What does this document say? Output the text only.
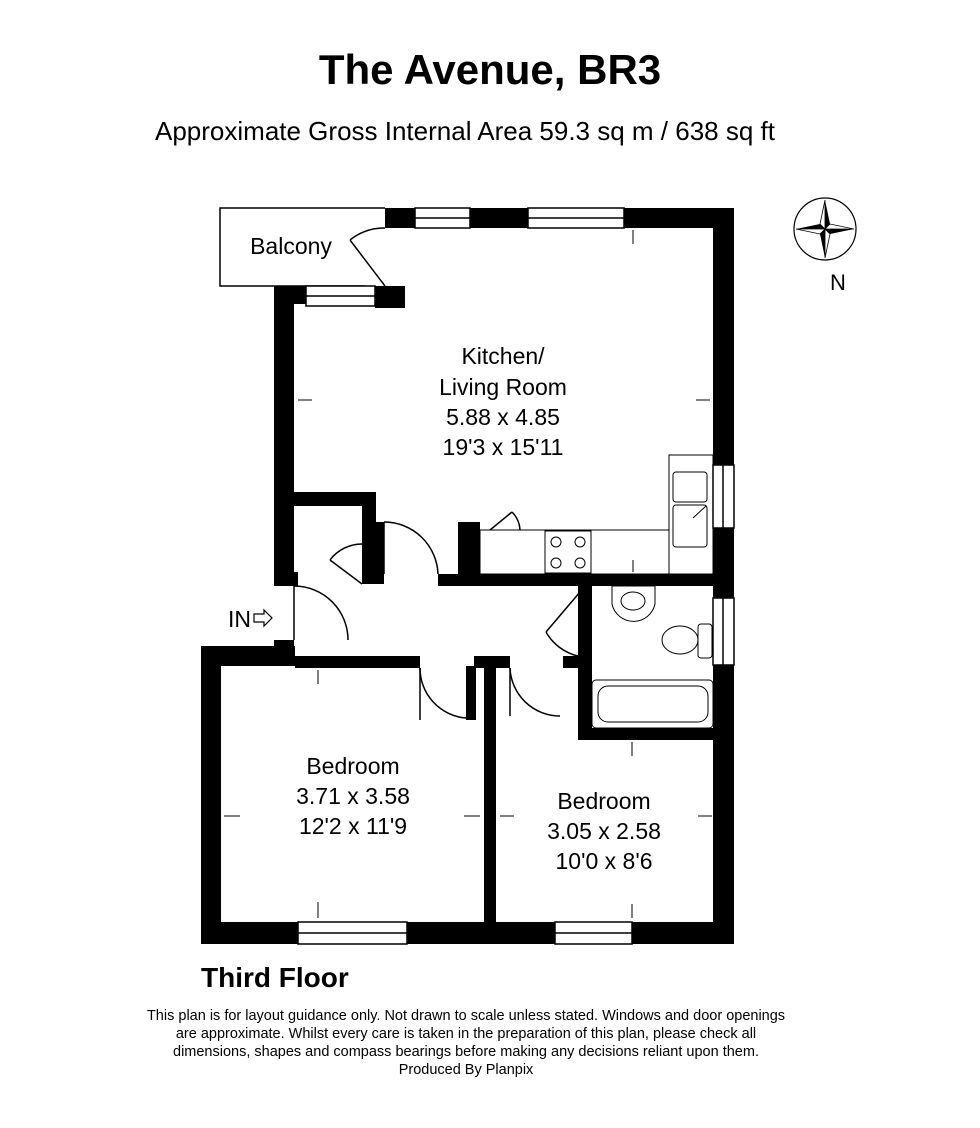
The Avenue, BR3
Approximate Gross Internal Area 59.3 sq m / 638 sq ft
IN
N
Balcony
Kitchen/
Living Room
5.88 x 4.85
19'3 x 15'11
Bedroom
3.71 x 3.58
12'2 x 11'9
Bedroom
3.05 x 2.58
10'0 x 8'6
Third Floor
This plan is for layout guidance only. Not drawn to scale unless stated. Windows and door openings
are approximate. Whilst every care is taken in the preparation of this plan, please check all
dimensions, shapes and compass bearings before making any decisions reliant upon them.
Produced By Planpix
